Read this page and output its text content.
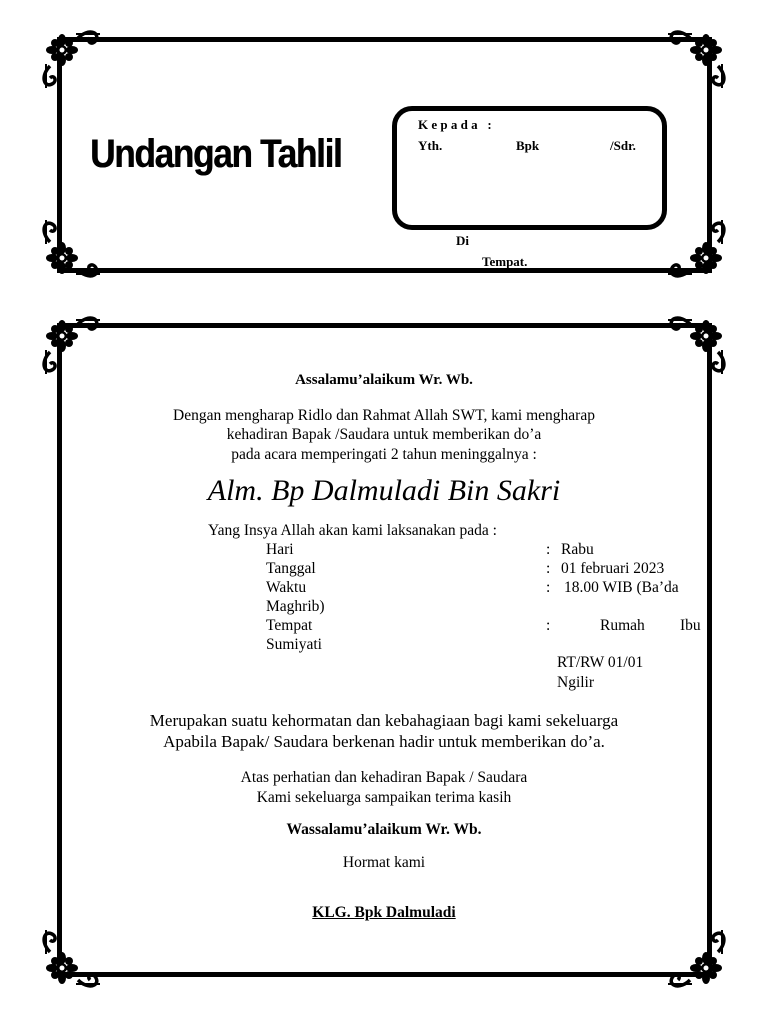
Undangan Tahlil
K e p a d a   :
Yth.	Bpk	/Sdr.
Di
Tempat.
Assalamu’alaikum Wr. Wb.
Dengan mengharap Ridlo dan Rahmat Allah SWT, kami mengharap
kehadiran Bapak /Saudara untuk memberikan do’a
pada acara memperingati 2 tahun meninggalnya :
Alm. Bp Dalmuladi Bin Sakri
Yang Insya Allah akan kami laksanakan pada :
Hari	: Rabu
Tanggal	: 01 februari 2023
Waktu	: 18.00 WIB (Ba’da
Maghrib)
Tempat	:	Rumah Ibu
Sumiyati
RT/RW 01/01
Ngilir
Merupakan suatu kehormatan dan kebahagiaan bagi kami sekeluarga
Apabila Bapak/ Saudara berkenan hadir untuk memberikan do’a.
Atas perhatian dan kehadiran Bapak / Saudara
Kami sekeluarga sampaikan terima kasih
Wassalamu’alaikum Wr. Wb.
Hormat kami
KLG. Bpk Dalmuladi
